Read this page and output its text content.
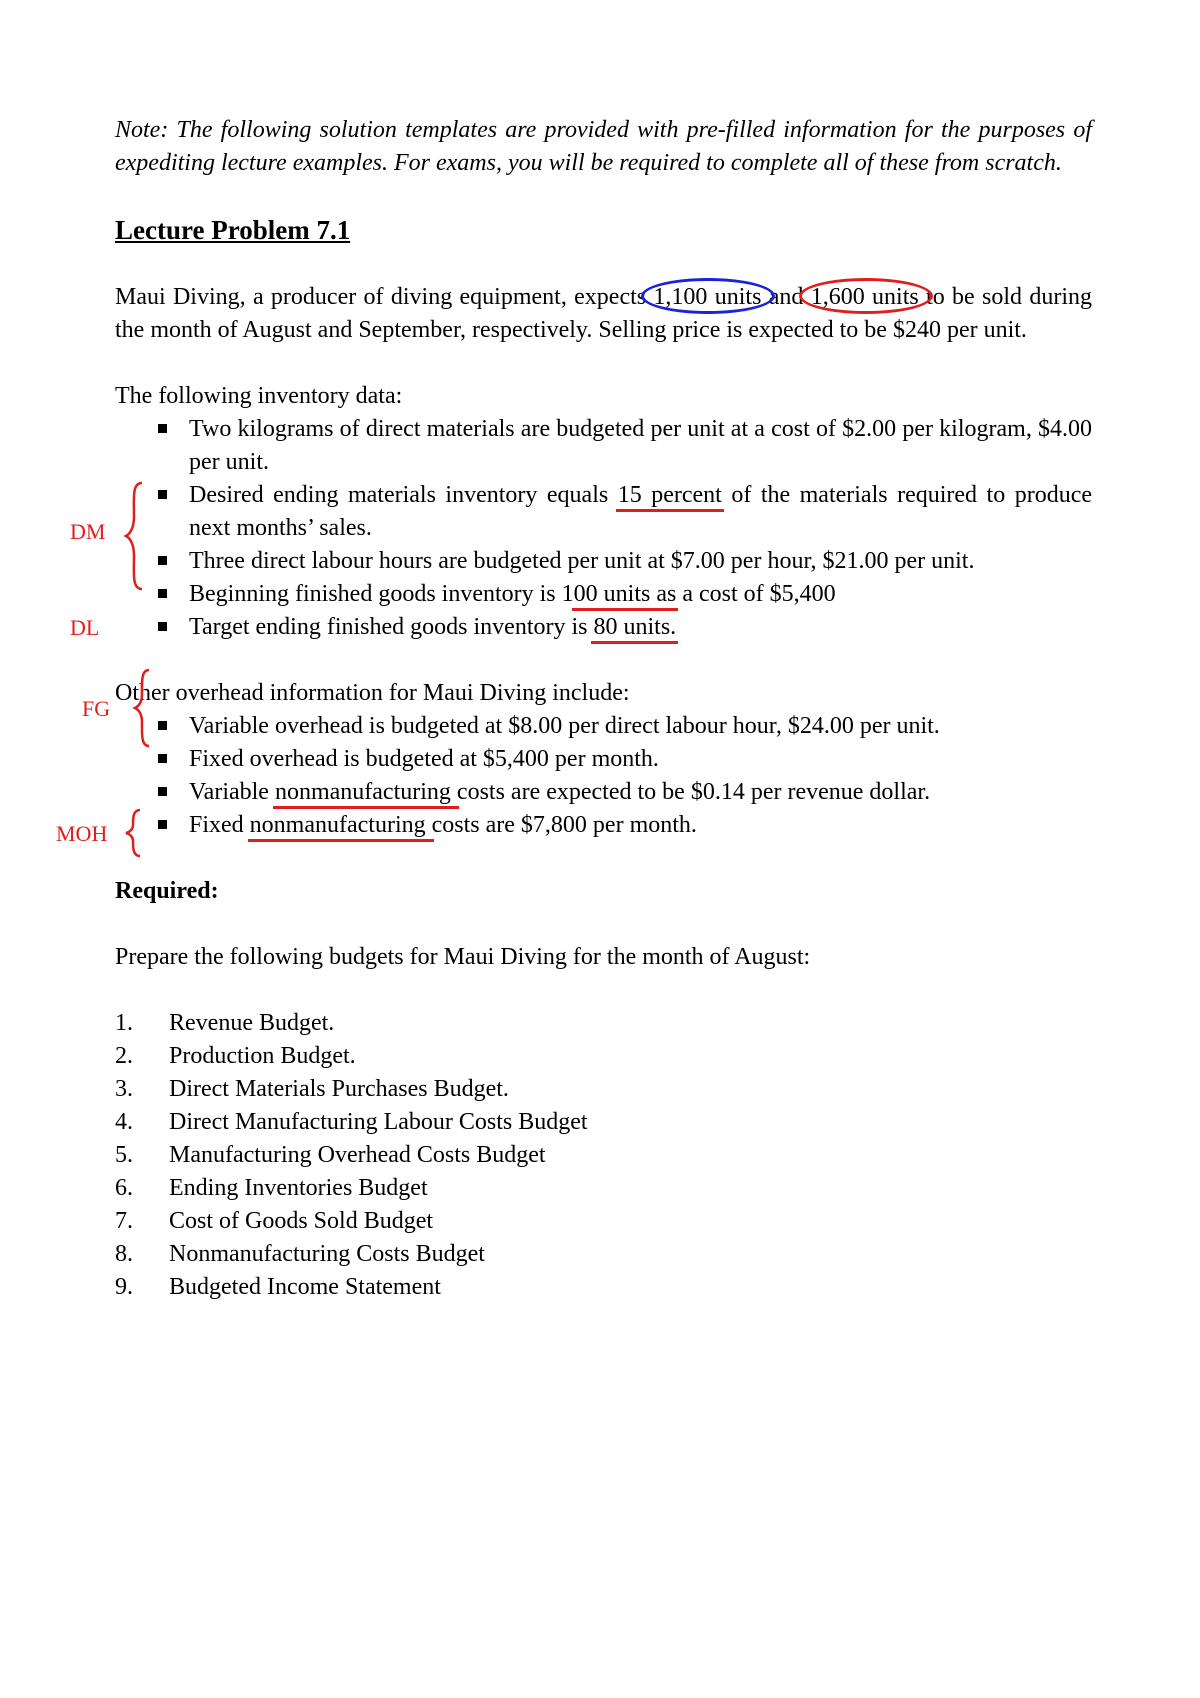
Note: The following solution templates are provided with pre-filled information for the purposes of expediting lecture examples. For exams, you will be required to complete all of these from scratch.

Lecture Problem 7.1

Maui Diving, a producer of diving equipment, expects 1,100 units and 1,600 units to be sold during the month of August and September, respectively. Selling price is expected to be $240 per unit.

The following inventory data:
Two kilograms of direct materials are budgeted per unit at a cost of $2.00 per kilogram, $4.00 per unit.
Desired ending materials inventory equals 15 percent of the materials required to produce next months’ sales.
Three direct labour hours are budgeted per unit at $7.00 per hour, $21.00 per unit.
Beginning finished goods inventory is 100 units as a cost of $5,400
Target ending finished goods inventory is 80 units.
Other overhead information for Maui Diving include:
Variable overhead is budgeted at $8.00 per direct labour hour, $24.00 per unit.
Fixed overhead is budgeted at $5,400 per month.
Variable nonmanufacturing costs are expected to be $0.14 per revenue dollar.
Fixed nonmanufacturing costs are $7,800 per month.
Required:
Prepare the following budgets for Maui Diving for the month of August:
1. Revenue Budget.
2. Production Budget.
3. Direct Materials Purchases Budget.
4. Direct Manufacturing Labour Costs Budget
5. Manufacturing Overhead Costs Budget
6. Ending Inventories Budget
7. Cost of Goods Sold Budget
8. Nonmanufacturing Costs Budget
9. Budgeted Income Statement
DM
DL
FG
MOH
